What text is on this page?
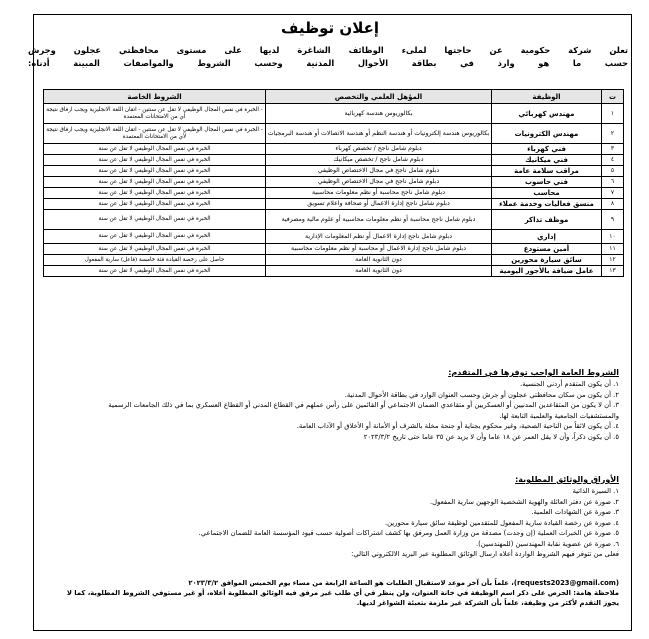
إعلان توظيف
تعلن شركة حكومية عن حاجتها لملىء الوظائف الشاغرة لديها على مستوى محافظتي عجلون وجرش
حسب ما هو وارد في بطاقة الأحوال المدنية وحسب الشروط والمواصفات المبينة أدناه:
ت	الوظيفة	المؤهل العلمي والتخصص	الشروط الخاصة
١	مهندس كهربائي	بكالوريوس هندسة كهربائية	- الخبرة في نفس المجال الوظيفي لا تقل عن سنتين - اتقان اللغة الانجليزية ويجب ارفاق نتيجة أي من الامتحانات المعتمدة
٢	مهندس الكترونيات	بكالوريوس هندسة إلكترونيات أو هندسة النظم أو هندسة الاتصالات أو هندسة البرمجيات	- الخبرة في نفس المجال الوظيفي لا تقل عن سنتين - اتقان اللغة الانجليزية ويجب ارفاق نتيجة لأي من الامتحانات المعتمدة
٣	فني كهرباء	دبلوم شامل ناجح / تخصص كهرباء	الخبرة في نفس المجال الوظيفي لا تقل عن سنة
٤	فني ميكانيك	دبلوم شامل ناجح / تخصص ميكانيك	الخبرة في نفس المجال الوظيفي لا تقل عن سنة
٥	مراقب سلامة عامة	دبلوم شامل ناجح في مجال الاختصاص الوظيفي	الخبرة في نفس المجال الوظيفي لا تقل عن سنة
٦	فني حاسوب	دبلوم شامل ناجح في مجال الاختصاص الوظيفي	الخبرة في نفس المجال الوظيفي لا تقل عن سنة
٧	محاسب	دبلوم شامل ناجح محاسبة أو نظم معلومات محاسبية	الخبرة في نفس المجال الوظيفي لا تقل عن سنة
٨	منسق فعاليات وخدمة عملاء	دبلوم شامل ناجح إدارة الاعمال أو صحافة واعلام تسويق	الخبرة في نفس المجال الوظيفي لا تقل عن سنة
٩	موظف تذاكر	دبلوم شامل ناجح محاسبة أو نظم معلومات محاسبية أو علوم مالية ومصرفية	الخبرة في نفس المجال الوظيفي لا تقل عن سنة
١٠	إداري	دبلوم شامل ناجح إدارة الاعمال أو نظم المعلومات الإدارية	الخبرة في نفس المجال الوظيفي لا تقل عن سنة
١١	أمين مستودع	دبلوم شامل ناجح إدارة الاعمال أو محاسبة أو نظم معلومات محاسبية	الخبرة في نفس المجال الوظيفي لا تقل عن سنة
١٢	سائق سيارة محورين	دون الثانوية العامة	حاصل على رخصة القيادة فئة خامسة (فاعل) سارية المفعول
١٣	عامل ضيافة بالأجور اليومية	دون الثانوية العامة	الخبرة في نفس المجال الوظيفي لا تقل عن سنة
الشروط العامة الواجب توفرها في المتقدم:
١. أن يكون المتقدم أردني الجنسية.
٢. أن يكون من سكان محافظتي عجلون أو جرش وحسب العنوان الوارد في بطاقة الأحوال المدنية.
٣. أن لا يكون من المتقاعدين المدنيين أو العسكريين أو متقاعدي الضمان الاجتماعي أو القائمين على رأس عملهم في القطاع المدني أو القطاع العسكري بما في ذلك الجامعات الرسمية
والمستشفيات الجامعية والعلمية التابعة لها.
٤. أن يكون لائقاً من الناحية الصحية، وغير محكوم بجناية أو جنحة مخلة بالشرف أو الأمانة أو الأخلاق أو الآداب العامة.
٥. أن يكون ذكراً، وأن لا يقل العمر عن ١٨ عاما وأن لا يزيد عن ٣٥ عاما حتى تاريخ ٢٠٢٣/٣/٢
الأوراق والوثائق المطلوبة:
١. السيرة الذاتية
٢. صورة عن دفتر العائلة والهوية الشخصية الوجهين سارية المفعول.
٣. صورة عن الشهادات العلمية.
٤. صورة عن رخصة القيادة سارية المفعول للمتقدمين لوظيفة سائق سيارة محورين.
٥. صورة عن الخبرات العملية (إن وجدت) مصدقة من وزارة العمل ومرفق بها كشف اشتراكات أصولية حسب قيود المؤسسة العامة للضمان الاجتماعي.
٦. صورة عن عضوية نقابة المهندسين (للمهندسين).
فعلى من تتوفر فيهم الشروط الواردة أعلاه ارسال الوثائق المطلوبة عبر البريد الالكتروني التالي:
(requests2023@gmail.com)، علماً بأن آخر موعد لاستقبال الطلبات هو الساعة الرابعة من مساء يوم الخميس الموافق ٢٠٢٣/٣/٢
ملاحظة هامة: الحرص على ذكر اسم الوظيفة في خانة العنوان، ولن ينظر في أي طلب غير مرفق فيه الوثائق المطلوبة أعلاه، أو غير مستوفي الشروط المطلوبة، كما لا
يجوز التقدم لأكثر من وظيفة، علماً بأن الشركة غير ملزمة بتعبئة الشواغر لديها.
